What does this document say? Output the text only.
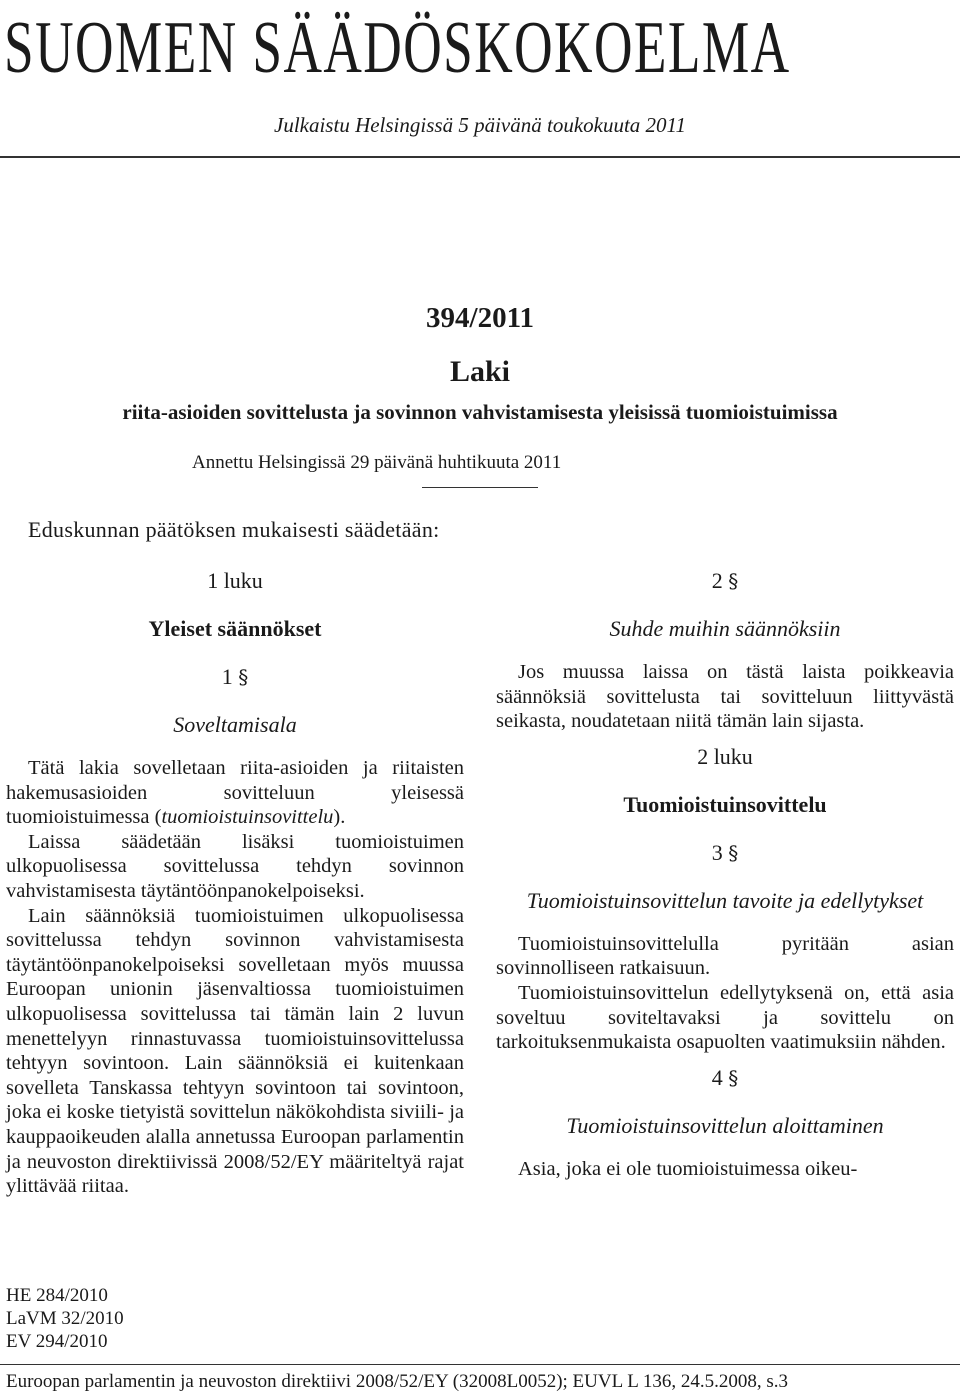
SUOMEN SÄÄDÖSKOKOELMA
Julkaistu Helsingissä 5 päivänä toukokuuta 2011
394/2011
Laki
riita-asioiden sovittelusta ja sovinnon vahvistamisesta yleisissä tuomioistuimissa
Annettu Helsingissä 29 päivänä huhtikuuta 2011
Eduskunnan päätöksen mukaisesti säädetään:
1 luku
Yleiset säännökset
1 §
Soveltamisala

Tätä lakia sovelletaan riita-asioiden ja riitaisten hakemusasioiden sovitteluun yleisessä tuomioistuimessa (tuomioistuinsovittelu).

Laissa säädetään lisäksi tuomioistuimen ulkopuolisessa sovittelussa tehdyn sovinnon vahvistamisesta täytäntöönpanokelpoiseksi.

Lain säännöksiä tuomioistuimen ulkopuolisessa sovittelussa tehdyn sovinnon vahvistamisesta täytäntöönpanokelpoiseksi sovelletaan myös muussa Euroopan unionin jäsenvaltiossa tuomioistuimen ulkopuolisessa sovittelussa tai tämän lain 2 luvun menettelyyn rinnastuvassa tuomioistuinsovittelussa tehtyyn sovintoon. Lain säännöksiä ei kuitenkaan sovelleta Tanskassa tehtyyn sovintoon tai sovintoon, joka ei koske tietyistä sovittelun näkökohdista siviili- ja kauppaoikeuden alalla annetussa Euroopan parlamentin ja neuvoston direktiivissä 2008/52/EY määriteltyä rajat ylittävää riitaa.

2 §
Suhde muihin säännöksiin

Jos muussa laissa on tästä laista poikkeavia säännöksiä sovittelusta tai sovitteluun liittyvästä seikasta, noudatetaan niitä tämän lain sijasta.

2 luku
Tuomioistuinsovittelu
3 §
Tuomioistuinsovittelun tavoite ja edellytykset

Tuomioistuinsovittelulla pyritään asian sovinnolliseen ratkaisuun.

Tuomioistuinsovittelun edellytyksenä on, että asia soveltuu soviteltavaksi ja sovittelu on tarkoituksenmukaista osapuolten vaatimuksiin nähden.

4 §
Tuomioistuinsovittelun aloittaminen

Asia, joka ei ole tuomioistuimessa oikeu-

HE 284/2010
LaVM 32/2010
EV 294/2010
Euroopan parlamentin ja neuvoston direktiivi 2008/52/EY (32008L0052); EUVL L 136, 24.5.2008, s.3
